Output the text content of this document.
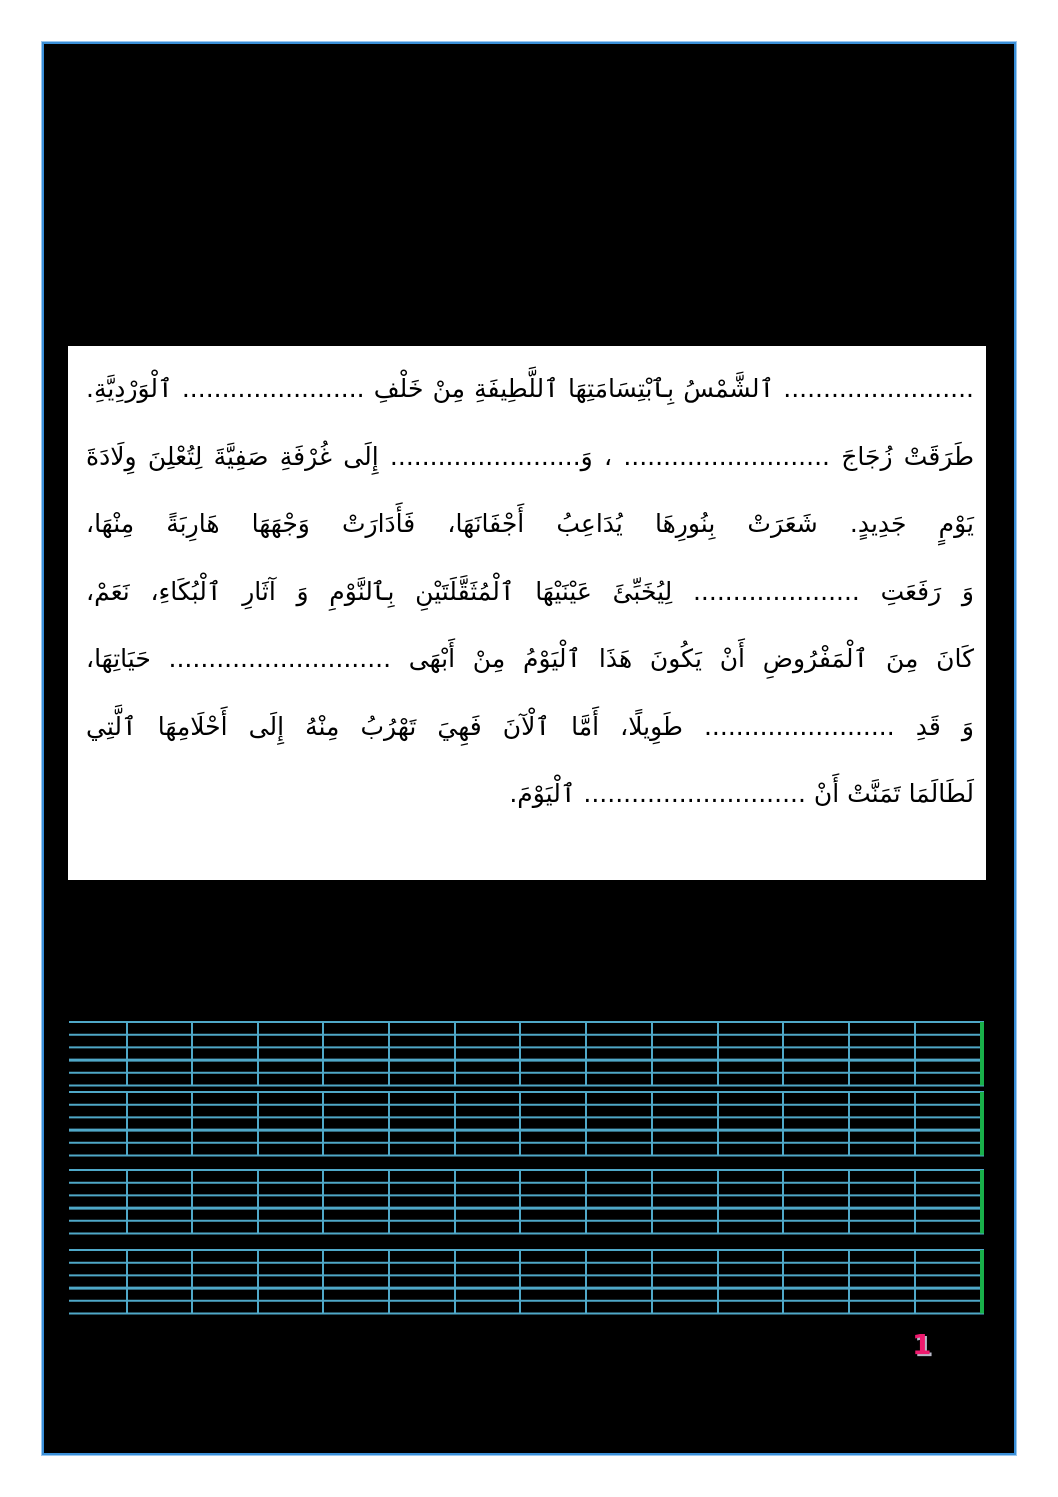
........................ ٱلشَّمْسُ بِٱبْتِسَامَتِهَا ٱللَّطِيفَةِ مِنْ خَلْفِ ....................... ٱلْوَرْدِيَّةِ.
طَرَقَتْ زُجَاجَ .......................... ، وَ........................ إِلَى غُرْفَةِ صَفِيَّةَ لِتُعْلِنَ وِلَادَةَ
يَوْمٍ جَدِيدٍ. شَعَرَتْ بِنُورِهَا يُدَاعِبُ أَجْفَانَهَا، فَأَدَارَتْ وَجْهَهَا هَارِبَةً مِنْهَا،
وَ رَفَعَتِ ..................... لِيُخَبِّئَ عَيْنَيْهَا ٱلْمُثَقَّلَتَيْنِ بِٱلنَّوْمِ وَ آثَارِ ٱلْبُكَاءِ، نَعَمْ،
كَانَ مِنَ ٱلْمَفْرُوضِ أَنْ يَكُونَ هَذَا ٱلْيَوْمُ مِنْ أَبْهَى ............................ حَيَاتِهَا،
وَ قَدِ ........................ طَوِيلًا، أَمَّا ٱلْآنَ فَهِيَ تَهْرُبُ مِنْهُ إِلَى أَحْلَامِهَا ٱلَّتِي
لَطَالَمَا تَمَنَّتْ أَنْ ............................ ٱلْيَوْمَ.
1
